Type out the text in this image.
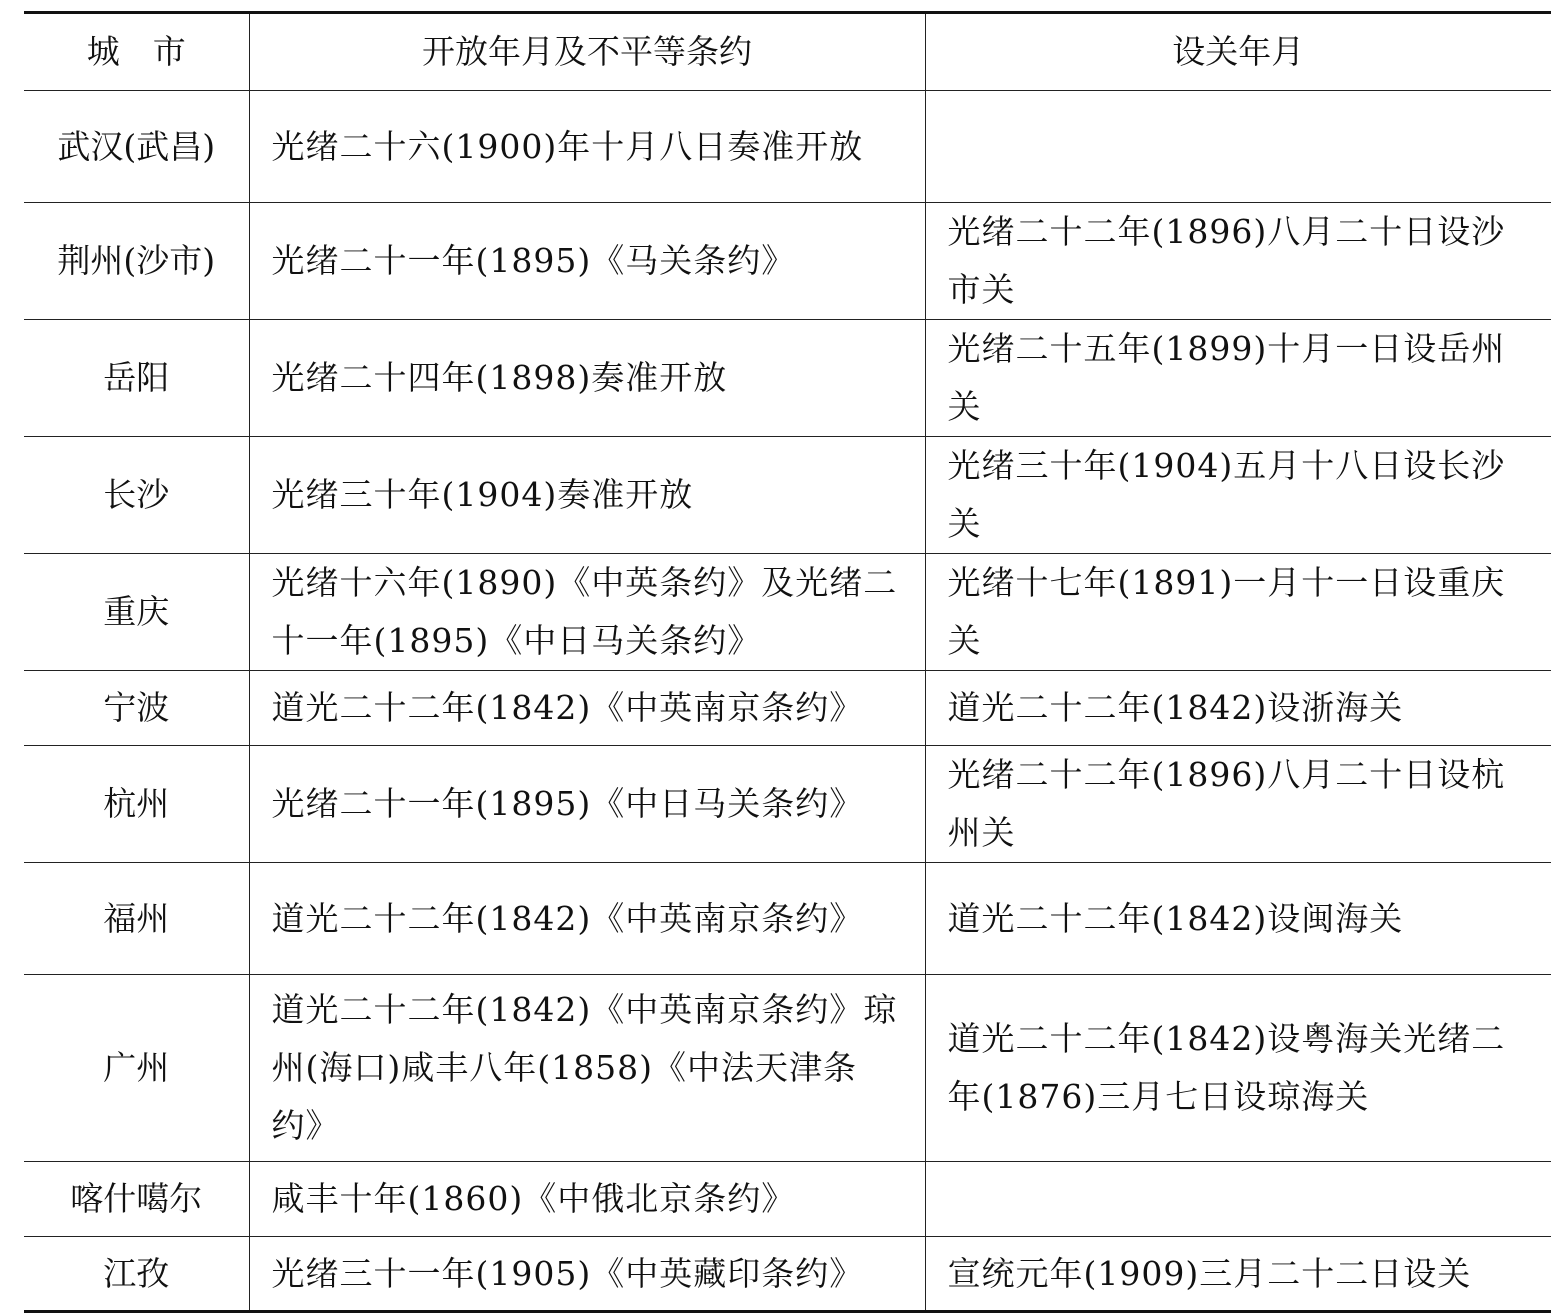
城　市	开放年月及不平等条约	设关年月
武汉(武昌)	光绪二十六(1900)年十月八日奏准开放	

荆州(沙市)	光绪二十一年(1895)《马关条约》	光绪二十二年(1896)八月二十日设沙市关

岳阳	光绪二十四年(1898)奏准开放	光绪二十五年(1899)十月一日设岳州关

长沙	光绪三十年(1904)奏准开放	光绪三十年(1904)五月十八日设长沙关

重庆	光绪十六年(1890)《中英条约》及光绪二十一年(1895)《中日马关条约》	光绪十七年(1891)一月十一日设重庆关

宁波	道光二十二年(1842)《中英南京条约》	道光二十二年(1842)设浙海关

杭州	光绪二十一年(1895)《中日马关条约》	光绪二十二年(1896)八月二十日设杭州关

福州	道光二十二年(1842)《中英南京条约》	道光二十二年(1842)设闽海关

广州	道光二十二年(1842)《中英南京条约》琼州(海口)咸丰八年(1858)《中法天津条约》	道光二十二年(1842)设粤海关光绪二年(1876)三月七日设琼海关

喀什噶尔	咸丰十年(1860)《中俄北京条约》	

江孜	光绪三十一年(1905)《中英藏印条约》	宣统元年(1909)三月二十二日设关
